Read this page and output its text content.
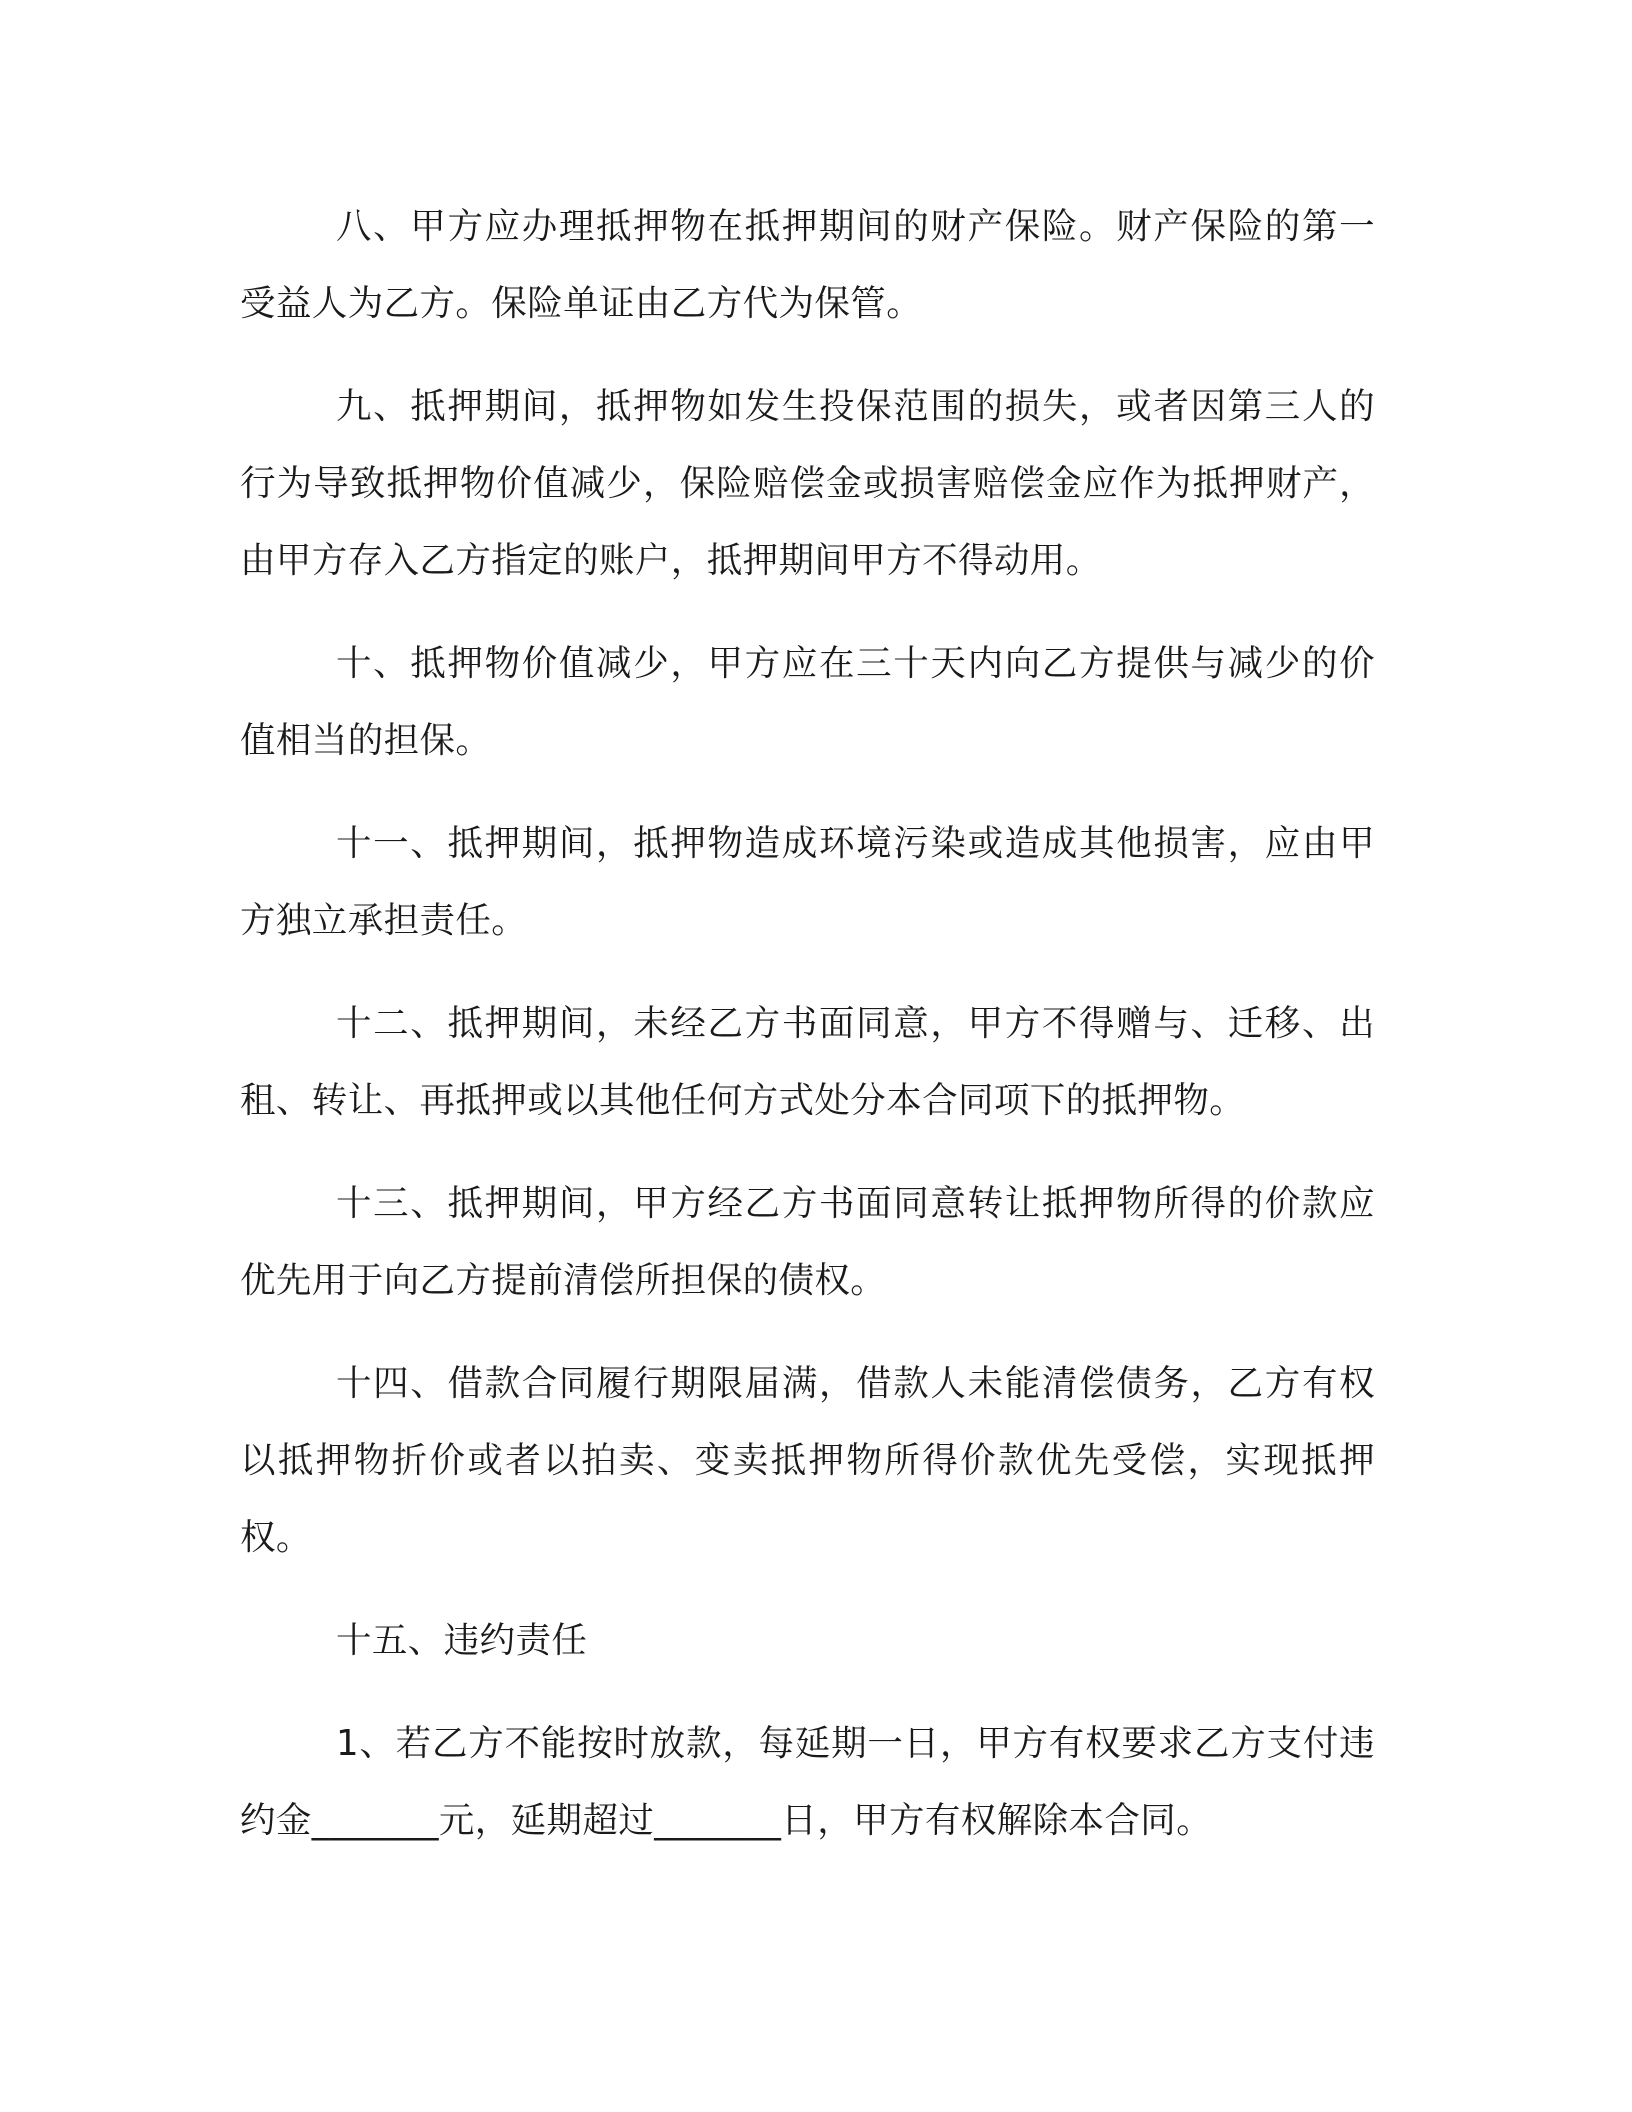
八、甲方应办理抵押物在抵押期间的财产保险。财产保险的第一受益人为乙方。保险单证由乙方代为保管。

九、抵押期间，抵押物如发生投保范围的损失，或者因第三人的行为导致抵押物价值减少，保险赔偿金或损害赔偿金应作为抵押财产，由甲方存入乙方指定的账户，抵押期间甲方不得动用。

十、抵押物价值减少，甲方应在三十天内向乙方提供与减少的价值相当的担保。

十一、抵押期间，抵押物造成环境污染或造成其他损害，应由甲方独立承担责任。

十二、抵押期间，未经乙方书面同意，甲方不得赠与、迁移、出租、转让、再抵押或以其他任何方式处分本合同项下的抵押物。

十三、抵押期间，甲方经乙方书面同意转让抵押物所得的价款应优先用于向乙方提前清偿所担保的债权。

十四、借款合同履行期限届满，借款人未能清偿债务，乙方有权以抵押物折价或者以拍卖、变卖抵押物所得价款优先受偿，实现抵押权。

十五、违约责任

1、若乙方不能按时放款，每延期一日，甲方有权要求乙方支付违约金_______元，延期超过_______日，甲方有权解除本合同。
